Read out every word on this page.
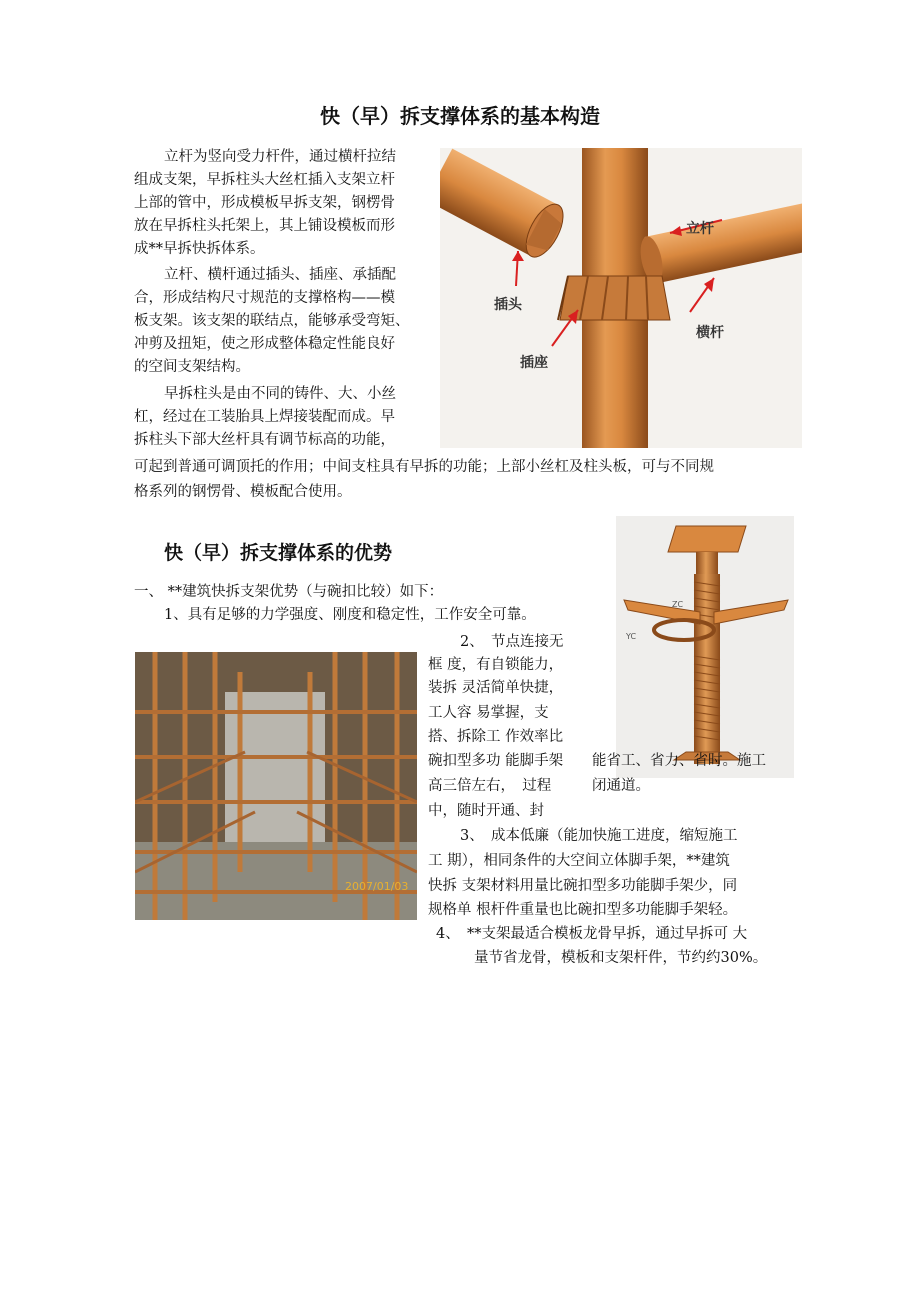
快（早）拆支撑体系的基本构造
立杆为竖向受力杆件，通过横杆拉结
组成支架，早拆柱头大丝杠插入支架立杆
上部的管中，形成模板早拆支架，钢楞骨
放在早拆柱头托架上，其上铺设模板而形
成**早拆快拆体系。
立杆、横杆通过插头、插座、承插配
合，形成结构尺寸规范的支撑格构——模
板支架。该支架的联结点，能够承受弯矩、
冲剪及扭矩，使之形成整体稳定性能良好
的空间支架结构。
早拆柱头是由不同的铸件、大、小丝
杠，经过在工装胎具上焊接装配而成。早
拆柱头下部大丝杆具有调节标高的功能，
可起到普通可调顶托的作用；中间支柱具有早拆的功能；上部小丝杠及柱头板，可与不同规
格系列的钢愣骨、模板配合使用。
立杆
插头
横杆
插座
快（早）拆支撑体系的优势
ZC
YC
一、 **建筑快拆支架优势（与碗扣比较）如下：
1、具有足够的力学强度、刚度和稳定性，工作安全可靠。
2007/01/03
2、　节点连接无
框 度，有自锁能力，
装拆 灵活简单快捷，
工人容 易掌握，支
搭、拆除工 作效率比
碗扣型多功 能脚手架
高三倍左右，　过程
中，随时开通、封
能省工、省力、省时。施工
闭通道。
3、　成本低廉（能加快施工进度，缩短施工
工 期），相同条件的大空间立体脚手架，**建筑
快拆 支架材料用量比碗扣型多功能脚手架少，同
规格单 根杆件重量也比碗扣型多功能脚手架轻。
4、　**支架最适合模板龙骨早拆，通过早拆可 大
量节省龙骨，模板和支架杆件，节约约30%。
